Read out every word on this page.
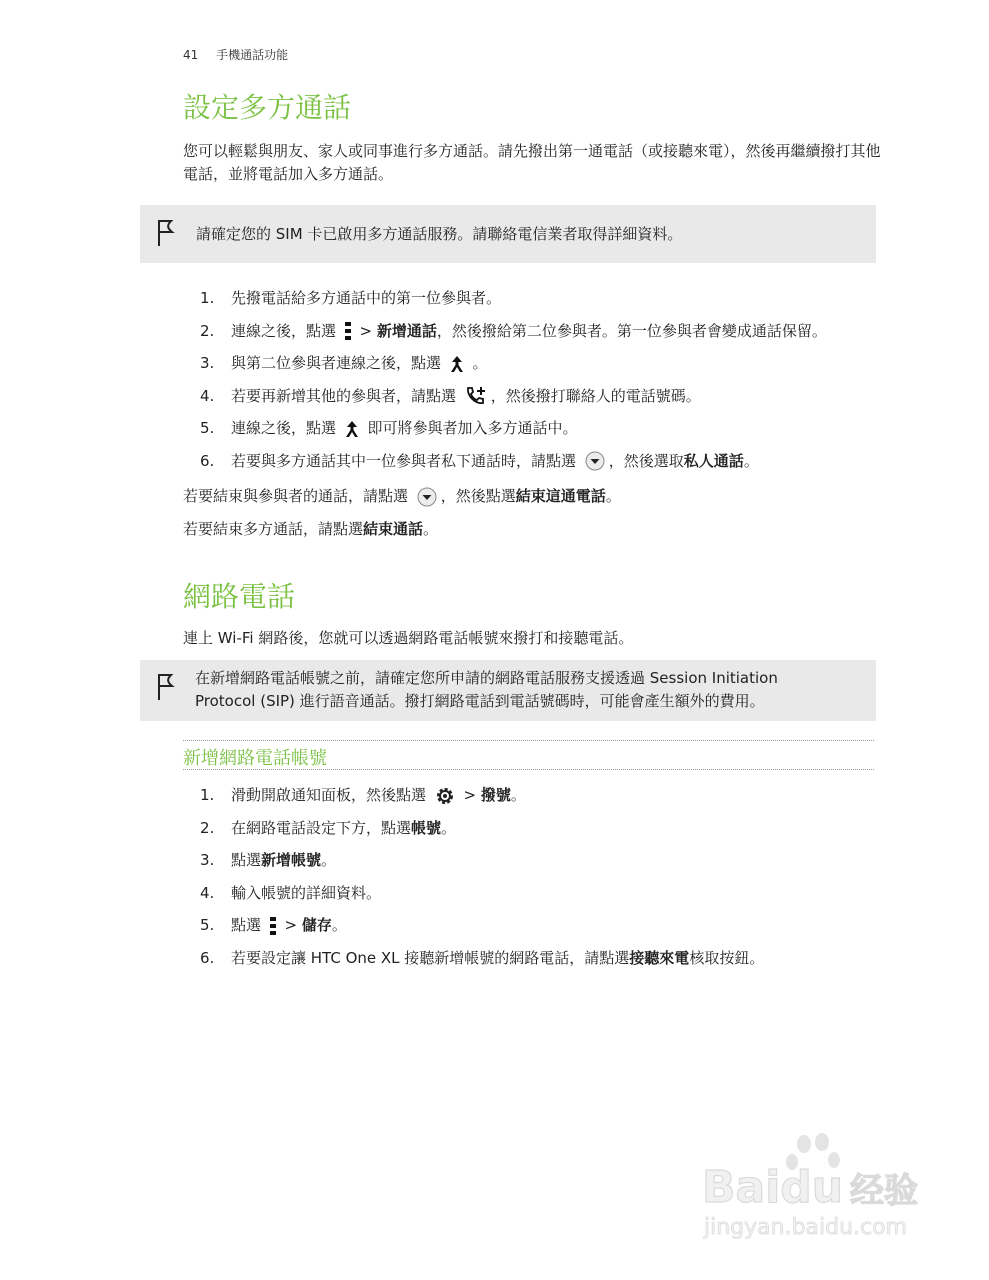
41 手機通話功能
設定多方通話
您可以輕鬆與朋友、家人或同事進行多方通話。請先撥出第一通電話（或接聽來電），然後再繼續撥打其他電話，並將電話加入多方通話。
請確定您的 SIM 卡已啟用多方通話服務。請聯絡電信業者取得詳細資料。
1. 先撥電話給多方通話中的第一位參與者。
2. 連線之後，點選  > 新增通話，然後撥給第二位參與者。第一位參與者會變成通話保留。
3. 與第二位參與者連線之後，點選  。
4. 若要再新增其他的參與者，請點選 ，然後撥打聯絡人的電話號碼。
5. 連線之後，點選  即可將參與者加入多方通話中。
6. 若要與多方通話其中一位參與者私下通話時，請點選 ，然後選取私人通話。
若要結束與參與者的通話，請點選 ，然後點選結束這通電話。
若要結束多方通話，請點選結束通話。
網路電話
連上 Wi-Fi 網路後，您就可以透過網路電話帳號來撥打和接聽電話。
在新增網路電話帳號之前，請確定您所申請的網路電話服務支援透過 Session Initiation Protocol (SIP) 進行語音通話。撥打網路電話到電話號碼時，可能會產生額外的費用。
新增網路電話帳號
1. 滑動開啟通知面板，然後點選  > 撥號。
2. 在網路電話設定下方，點選帳號。
3. 點選新增帳號。
4. 輸入帳號的詳細資料。
5. 點選  > 儲存。
6. 若要設定讓 HTC One XL 接聽新增帳號的網路電話，請點選接聽來電核取按鈕。
Baidu 经验
jingyan.baidu.com
